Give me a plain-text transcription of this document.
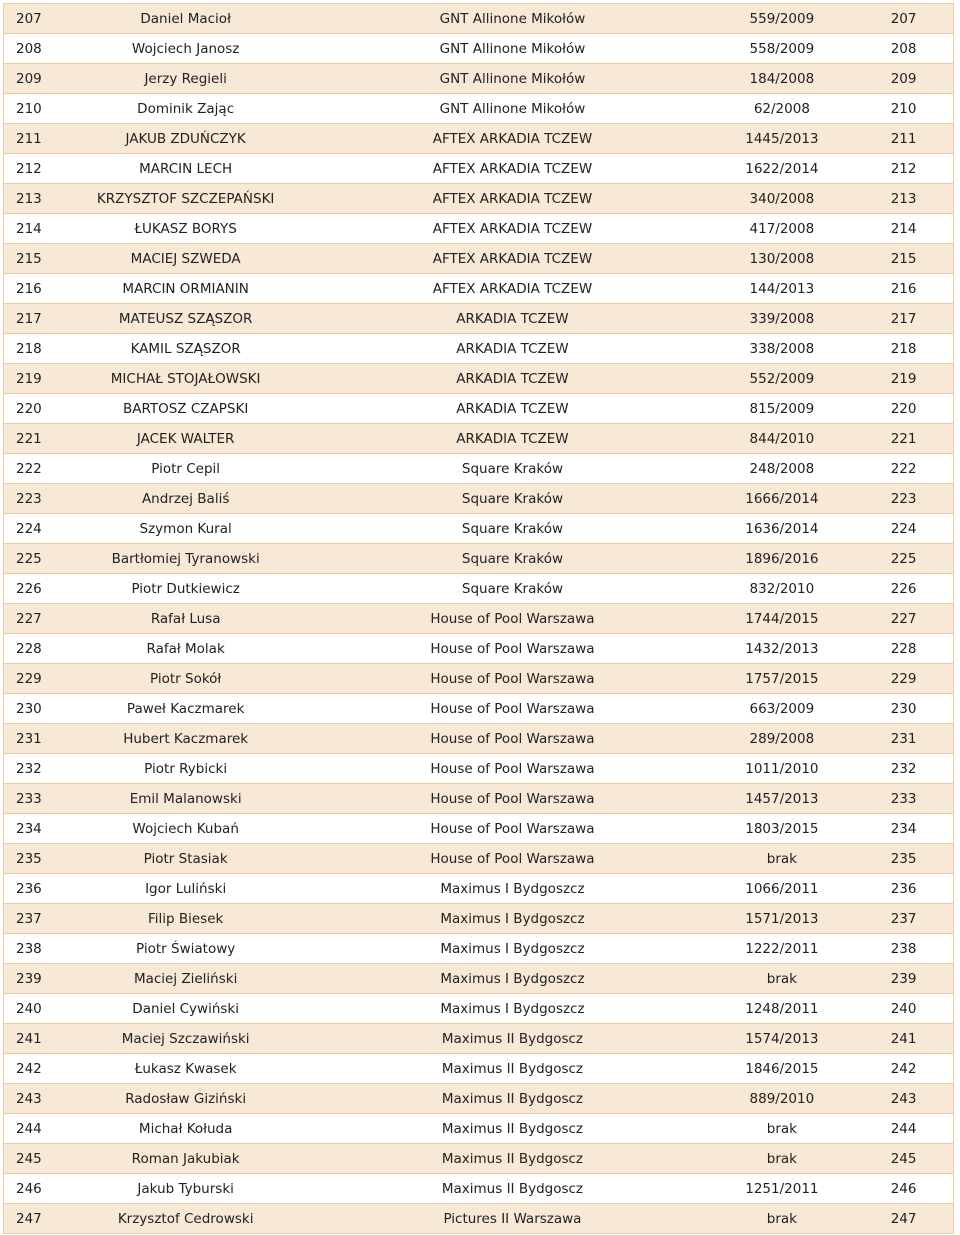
207	Daniel Macioł	GNT Allinone Mikołów	559/2009	207
208	Wojciech Janosz	GNT Allinone Mikołów	558/2009	208
209	Jerzy Regieli	GNT Allinone Mikołów	184/2008	209
210	Dominik Zając	GNT Allinone Mikołów	62/2008	210
211	JAKUB ZDUŃCZYK	AFTEX ARKADIA TCZEW	1445/2013	211
212	MARCIN LECH	AFTEX ARKADIA TCZEW	1622/2014	212
213	KRZYSZTOF SZCZEPAŃSKI	AFTEX ARKADIA TCZEW	340/2008	213
214	ŁUKASZ BORYS	AFTEX ARKADIA TCZEW	417/2008	214
215	MACIEJ SZWEDA	AFTEX ARKADIA TCZEW	130/2008	215
216	MARCIN ORMIANIN	AFTEX ARKADIA TCZEW	144/2013	216
217	MATEUSZ SZĄSZOR	ARKADIA TCZEW	339/2008	217
218	KAMIL SZĄSZOR	ARKADIA TCZEW	338/2008	218
219	MICHAŁ STOJAŁOWSKI	ARKADIA TCZEW	552/2009	219
220	BARTOSZ CZAPSKI	ARKADIA TCZEW	815/2009	220
221	JACEK WALTER	ARKADIA TCZEW	844/2010	221
222	Piotr Cepil	Square Kraków	248/2008	222
223	Andrzej Baliś	Square Kraków	1666/2014	223
224	Szymon Kural	Square Kraków	1636/2014	224
225	Bartłomiej Tyranowski	Square Kraków	1896/2016	225
226	Piotr Dutkiewicz	Square Kraków	832/2010	226
227	Rafał Lusa	House of Pool Warszawa	1744/2015	227
228	Rafał Molak	House of Pool Warszawa	1432/2013	228
229	Piotr Sokół	House of Pool Warszawa	1757/2015	229
230	Paweł Kaczmarek	House of Pool Warszawa	663/2009	230
231	Hubert Kaczmarek	House of Pool Warszawa	289/2008	231
232	Piotr Rybicki	House of Pool Warszawa	1011/2010	232
233	Emil Malanowski	House of Pool Warszawa	1457/2013	233
234	Wojciech Kubań	House of Pool Warszawa	1803/2015	234
235	Piotr Stasiak	House of Pool Warszawa	brak	235
236	Igor Luliński	Maximus I Bydgoszcz	1066/2011	236
237	Filip Biesek	Maximus I Bydgoszcz	1571/2013	237
238	Piotr Światowy	Maximus I Bydgoszcz	1222/2011	238
239	Maciej Zieliński	Maximus I Bydgoszcz	brak	239
240	Daniel Cywiński	Maximus I Bydgoszcz	1248/2011	240
241	Maciej Szczawiński	Maximus II Bydgoscz	1574/2013	241
242	Łukasz Kwasek	Maximus II Bydgoscz	1846/2015	242
243	Radosław Giziński	Maximus II Bydgoscz	889/2010	243
244	Michał Kołuda	Maximus II Bydgoscz	brak	244
245	Roman Jakubiak	Maximus II Bydgoscz	brak	245
246	Jakub Tyburski	Maximus II Bydgoscz	1251/2011	246
247	Krzysztof Cedrowski	Pictures II Warszawa	brak	247
